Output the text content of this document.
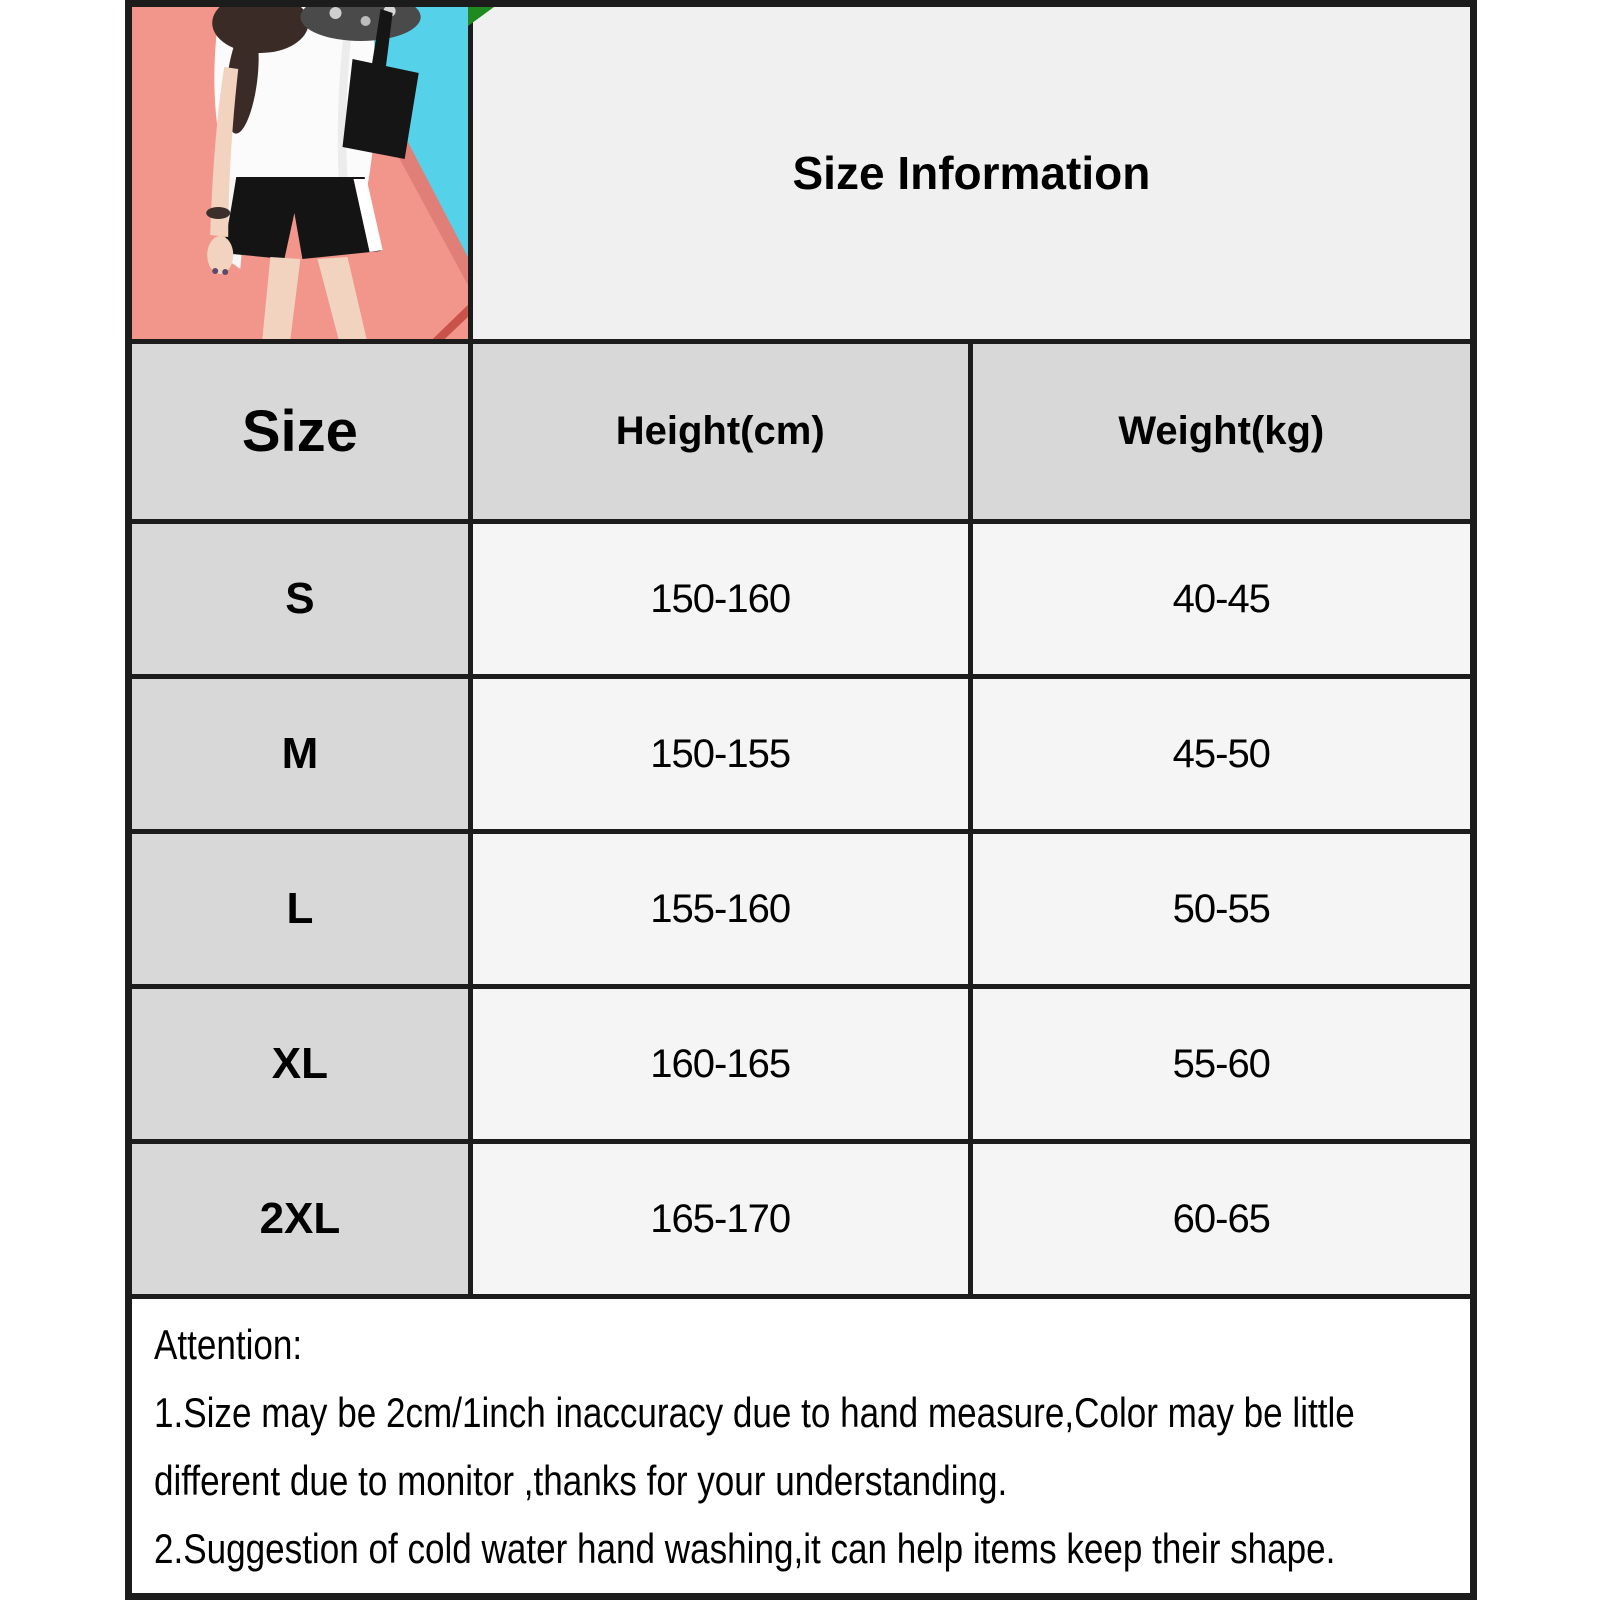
Size Information
Size	Height(cm)	Weight(kg)
S	150-160	40-45
M	150-155	45-50
L	155-160	50-55
XL	160-165	55-60
2XL	165-170	60-65
Attention:
1.Size may be 2cm/1inch inaccuracy due to hand measure,Color may be little different due to monitor ,thanks for your understanding.
2.Suggestion of cold water hand washing,it can help items keep their shape.
